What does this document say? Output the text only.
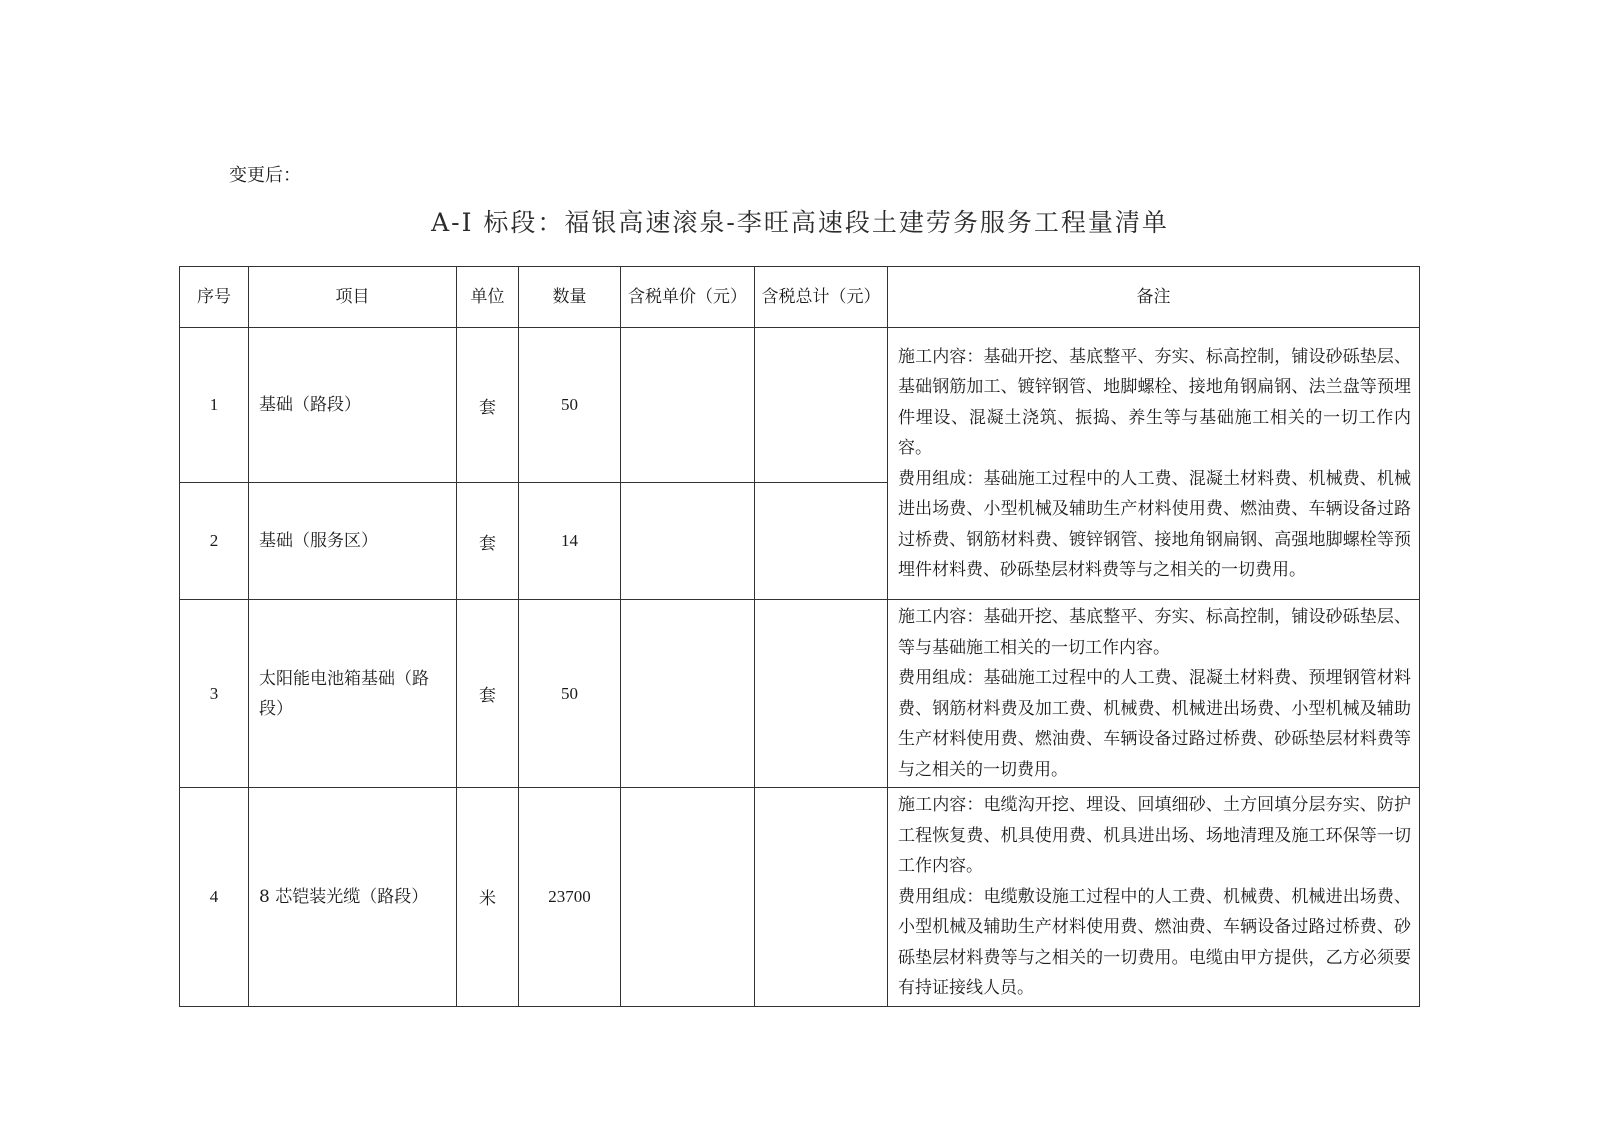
变更后：
A-I 标段：福银高速滚泉-李旺高速段土建劳务服务工程量清单
序号	项目	单位	数量	含税单价（元）	含税总计（元）	备注
1	基础（路段）	套	50			施工内容：基础开挖、基底整平、夯实、标高控制，铺设砂砾垫层、基础钢筋加工、镀锌钢管、地脚螺栓、接地角钢扁钢、法兰盘等预埋件埋设、混凝土浇筑、振捣、养生等与基础施工相关的一切工作内容。

费用组成：基础施工过程中的人工费、混凝土材料费、机械费、机械进出场费、小型机械及辅助生产材料使用费、燃油费、车辆设备过路过桥费、钢筋材料费、镀锌钢管、接地角钢扁钢、高强地脚螺栓等预埋件材料费、砂砾垫层材料费等与之相关的一切费用。

2	基础（服务区）	套	14			
3	太阳能电池箱基础（路段）	套	50			施工内容：基础开挖、基底整平、夯实、标高控制，铺设砂砾垫层、等与基础施工相关的一切工作内容。

费用组成：基础施工过程中的人工费、混凝土材料费、预埋钢管材料费、钢筋材料费及加工费、机械费、机械进出场费、小型机械及辅助生产材料使用费、燃油费、车辆设备过路过桥费、砂砾垫层材料费等与之相关的一切费用。

4	8 芯铠装光缆（路段）	米	23700			施工内容：电缆沟开挖、埋设、回填细砂、土方回填分层夯实、防护工程恢复费、机具使用费、机具进出场、场地清理及施工环保等一切工作内容。

费用组成：电缆敷设施工过程中的人工费、机械费、机械进出场费、小型机械及辅助生产材料使用费、燃油费、车辆设备过路过桥费、砂砾垫层材料费等与之相关的一切费用。电缆由甲方提供，乙方必须要有持证接线人员。
